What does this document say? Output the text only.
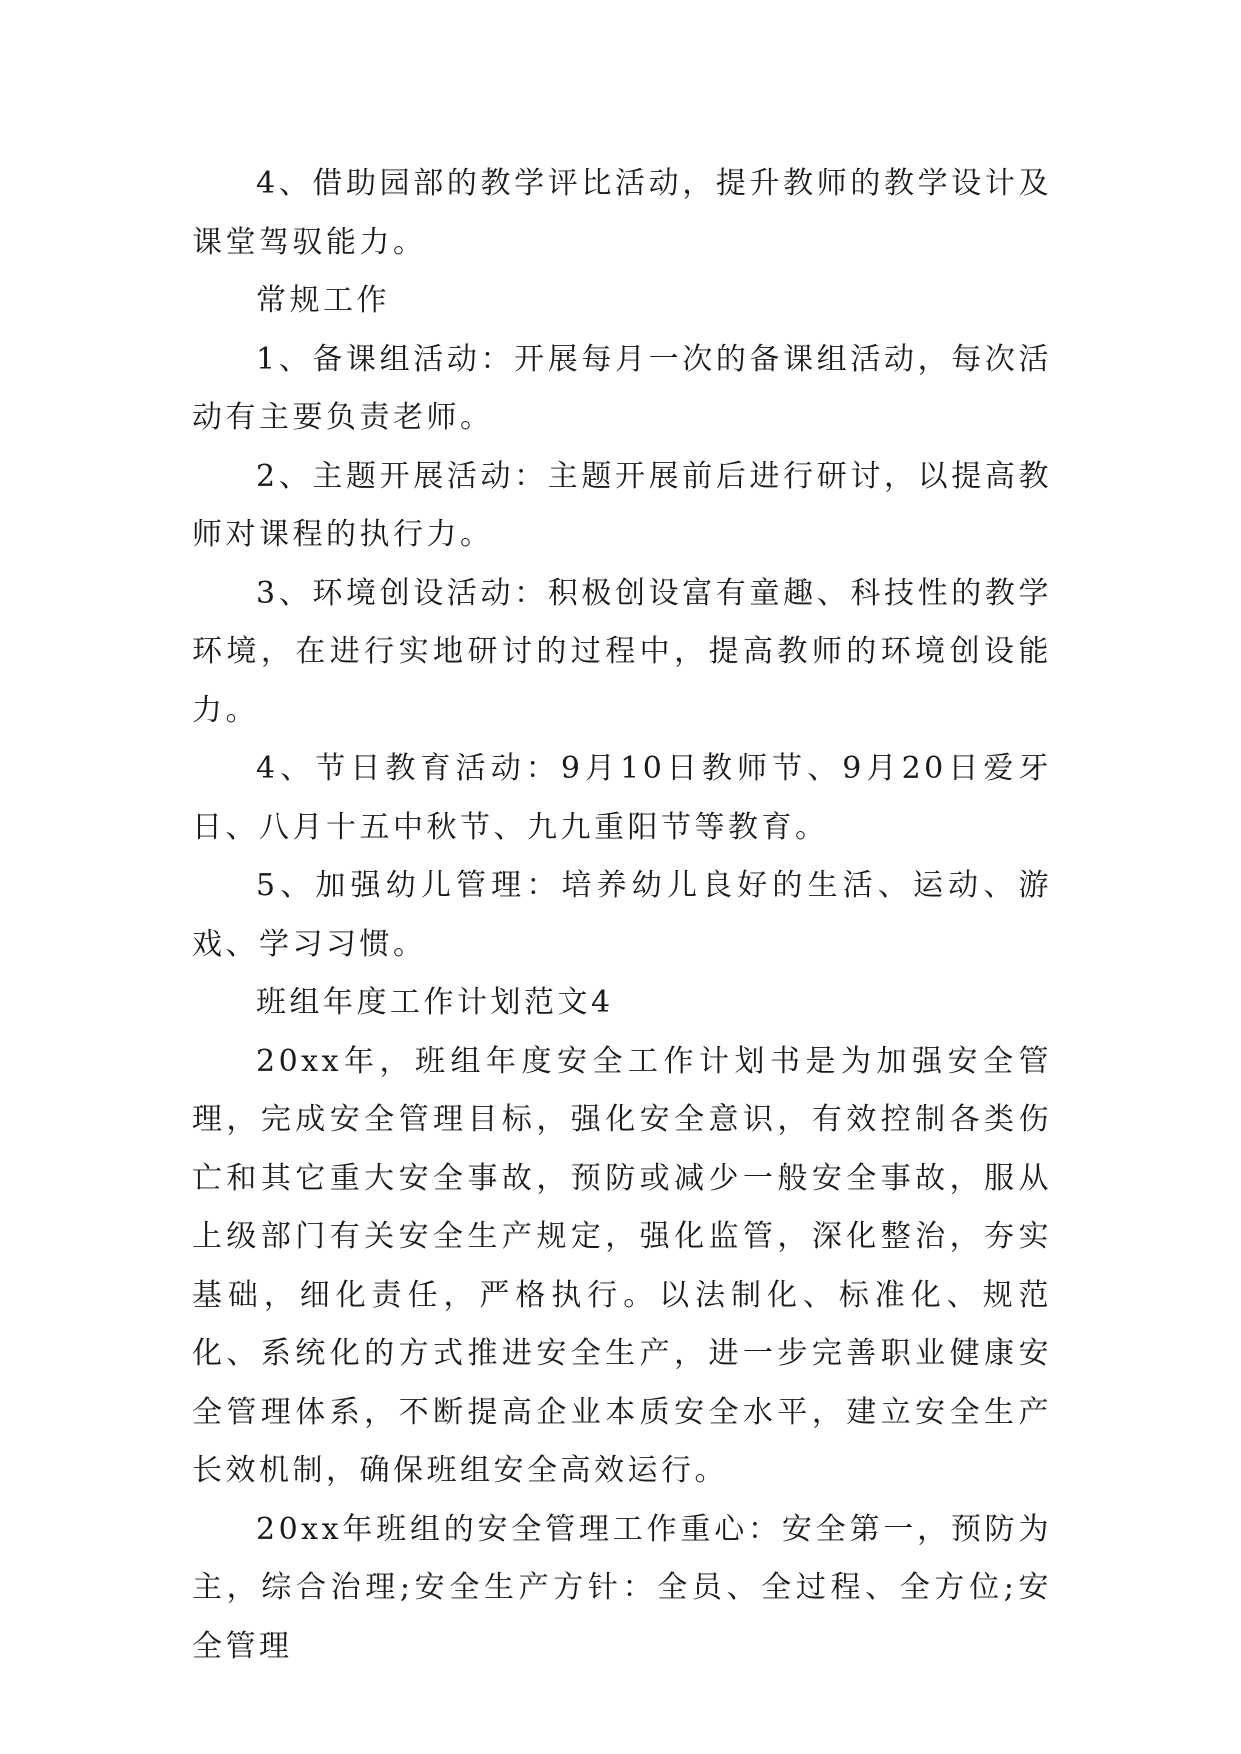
4、借助园部的教学评比活动，提升教师的教学设计及课堂驾驭能力。

常规工作

1、备课组活动：开展每月一次的备课组活动，每次活动有主要负责老师。

2、主题开展活动：主题开展前后进行研讨，以提高教师对课程的执行力。

3、环境创设活动：积极创设富有童趣、科技性的教学环境，在进行实地研讨的过程中，提高教师的环境创设能力。

4、节日教育活动：9月10日教师节、9月20日爱牙日、八月十五中秋节、九九重阳节等教育。

5、加强幼儿管理：培养幼儿良好的生活、运动、游戏、学习习惯。

班组年度工作计划范文4

20xx年，班组年度安全工作计划书是为加强安全管理，完成安全管理目标，强化安全意识，有效控制各类伤亡和其它重大安全事故，预防或减少一般安全事故，服从上级部门有关安全生产规定，强化监管，深化整治，夯实基础，细化责任，严格执行。以法制化、标准化、规范化、系统化的方式推进安全生产，进一步完善职业健康安全管理体系，不断提高企业本质安全水平，建立安全生产长效机制，确保班组安全高效运行。

20xx年班组的安全管理工作重心：安全第一，预防为主，综合治理;安全生产方针：全员、全过程、全方位;安全管理
